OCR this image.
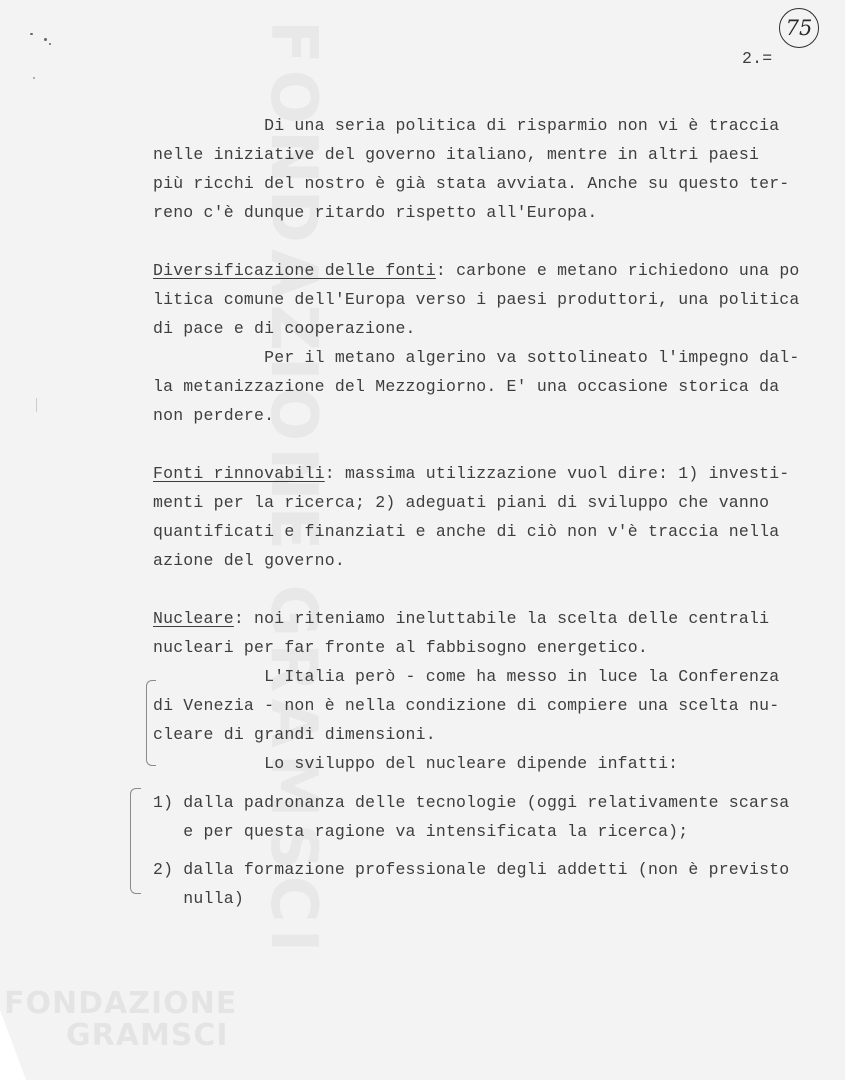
FONDAZIONE
GRAMSCI
2.=
75

Di una seria politica di risparmio non vi è traccia

nelle iniziative del governo italiano, mentre in altri paesi

più ricchi del nostro è già stata avviata. Anche su questo ter-

reno c'è dunque ritardo rispetto all'Europa.

Diversificazione delle fonti: carbone e metano richiedono una po

litica comune dell'Europa verso i paesi produttori, una politica

di pace e di cooperazione.

Per il metano algerino va sottolineato l'impegno dal-

la metanizzazione del Mezzogiorno. E' una occasione storica da

non perdere.

Fonti rinnovabili: massima utilizzazione vuol dire: 1) investi-

menti per la ricerca; 2) adeguati piani di sviluppo che vanno

quantificati e finanziati e anche di ciò non v'è traccia nella

azione del governo.

Nucleare: noi riteniamo ineluttabile la scelta delle centrali

nucleari per far fronte al fabbisogno energetico.

L'Italia però - come ha messo in luce la Conferenza

di Venezia - non è nella condizione di compiere una scelta nu-

cleare di grandi dimensioni.

Lo sviluppo del nucleare dipende infatti:

1) dalla padronanza delle tecnologie (oggi relativamente scarsa

e per questa ragione va intensificata la ricerca);

2) dalla formazione professionale degli addetti (non è previsto

nulla)
